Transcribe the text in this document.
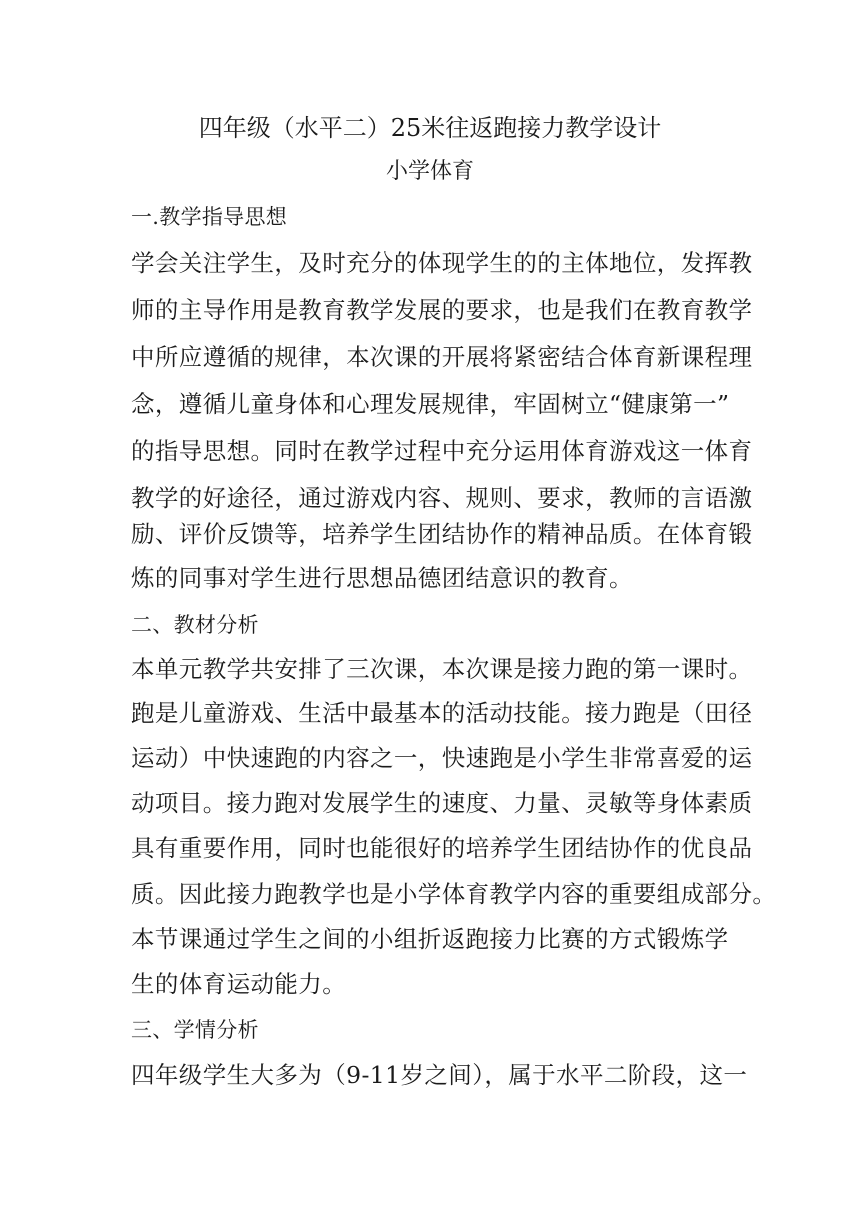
四年级（水平二）25米往返跑接力教学设计
小学体育
一.教学指导思想
学会关注学生，及时充分的体现学生的的主体地位，发挥教
师的主导作用是教育教学发展的要求，也是我们在教育教学
中所应遵循的规律，本次课的开展将紧密结合体育新课程理
念，遵循儿童身体和心理发展规律，牢固树立“健康第一”
的指导思想。同时在教学过程中充分运用体育游戏这一体育
教学的好途径，通过游戏内容、规则、要求，教师的言语激
励、评价反馈等，培养学生团结协作的精神品质。在体育锻
炼的同事对学生进行思想品德团结意识的教育。
二、教材分析
本单元教学共安排了三次课，本次课是接力跑的第一课时。
跑是儿童游戏、生活中最基本的活动技能。接力跑是（田径
运动）中快速跑的内容之一，快速跑是小学生非常喜爱的运
动项目。接力跑对发展学生的速度、力量、灵敏等身体素质
具有重要作用，同时也能很好的培养学生团结协作的优良品
质。因此接力跑教学也是小学体育教学内容的重要组成部分。
本节课通过学生之间的小组折返跑接力比赛的方式锻炼学
生的体育运动能力。
三、学情分析
四年级学生大多为（9-11岁之间），属于水平二阶段，这一
